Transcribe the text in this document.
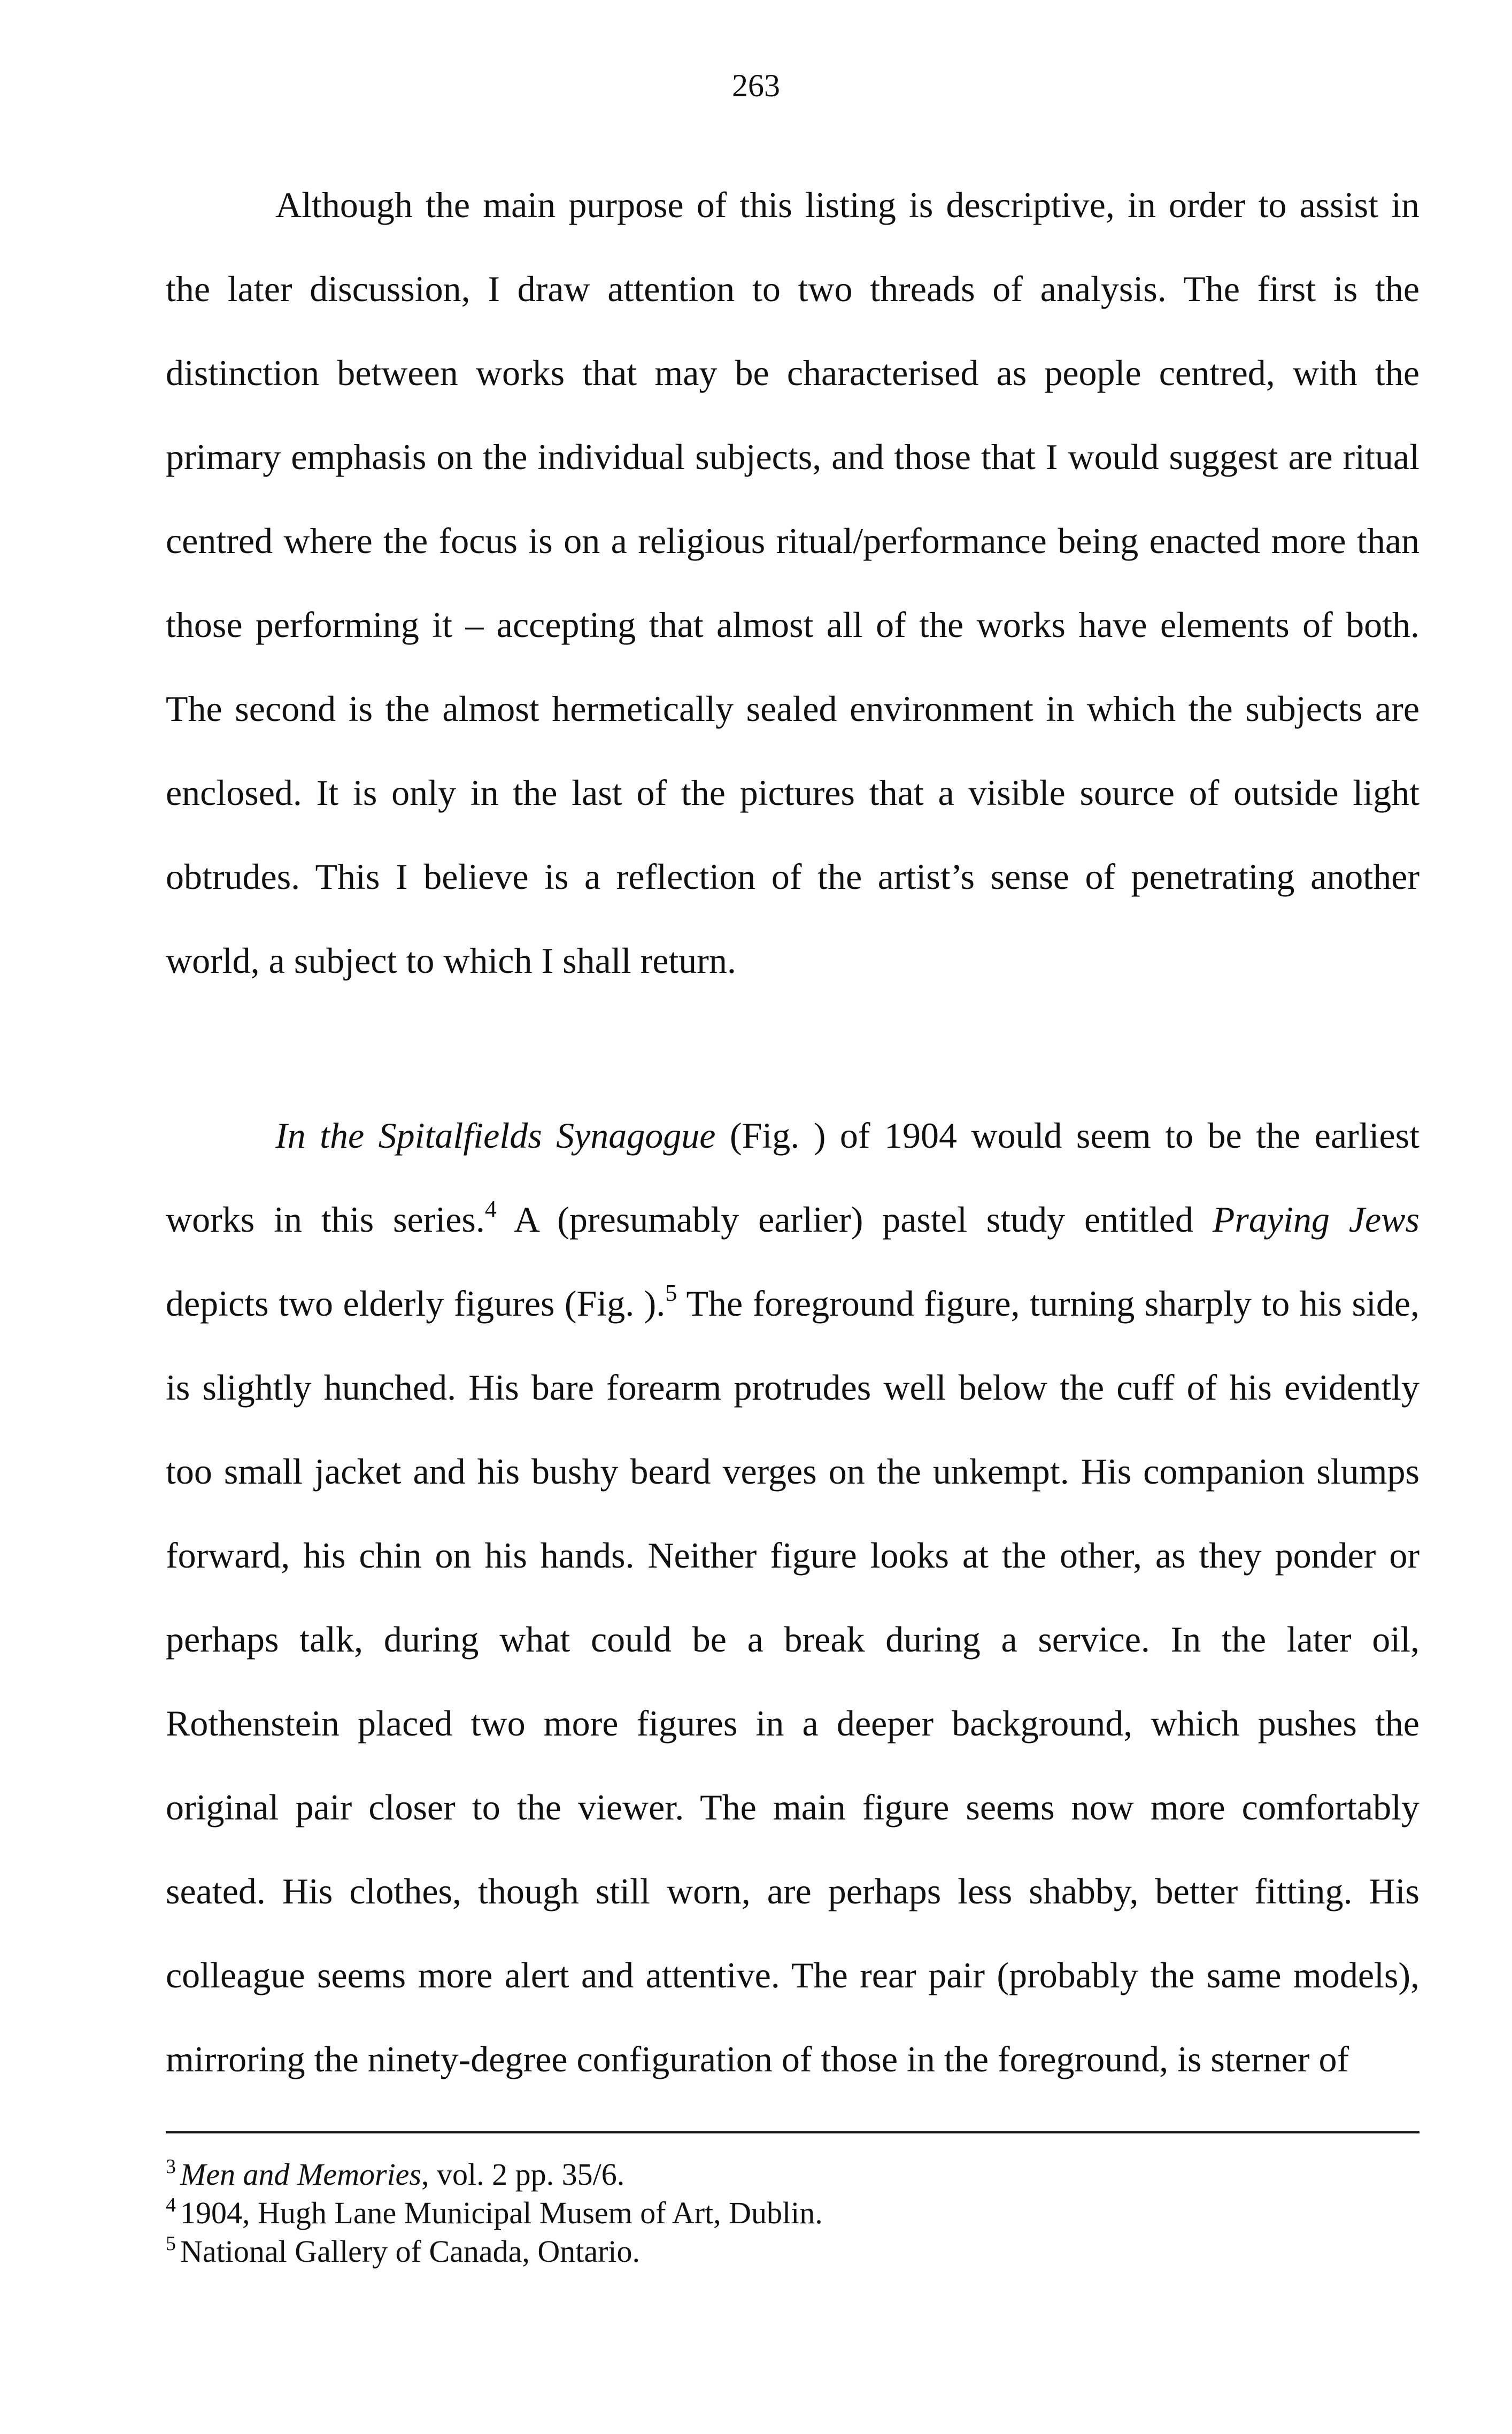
263

Although the main purpose of this listing is descriptive, in order to assist in the later discussion, I draw attention to two threads of analysis. The first is the distinction between works that may be characterised as people centred, with the primary emphasis on the individual subjects, and those that I would suggest are ritual centred where the focus is on a religious ritual/performance being enacted more than those performing it – accepting that almost all of the works have elements of both. The second is the almost hermetically sealed environment in which the subjects are enclosed. It is only in the last of the pictures that a visible source of outside light obtrudes. This I believe is a reflection of the artist’s sense of penetrating another world, a subject to which I shall return.

In the Spitalfields Synagogue (Fig. ) of 1904 would seem to be the earliest works in this series.$^4$ A (presumably earlier) pastel study entitled Praying Jews depicts two elderly figures (Fig. ).$^5$ The foreground figure, turning sharply to his side, is slightly hunched. His bare forearm protrudes well below the cuff of his evidently too small jacket and his bushy beard verges on the unkempt. His companion slumps forward, his chin on his hands. Neither figure looks at the other, as they ponder or perhaps talk, during what could be a break during a service. In the later oil, Rothenstein placed two more figures in a deeper background, which pushes the original pair closer to the viewer. The main figure seems now more comfortably seated. His clothes, though still worn, are perhaps less shabby, better fitting. His colleague seems more alert and attentive. The rear pair (probably the same models), mirroring the ninety-degree configuration of those in the foreground, is sterner of

$^3$ Men and Memories, vol. 2 pp. 35/6.
$^4$ 1904, Hugh Lane Municipal Musem of Art, Dublin.
$^5$ National Gallery of Canada, Ontario.
